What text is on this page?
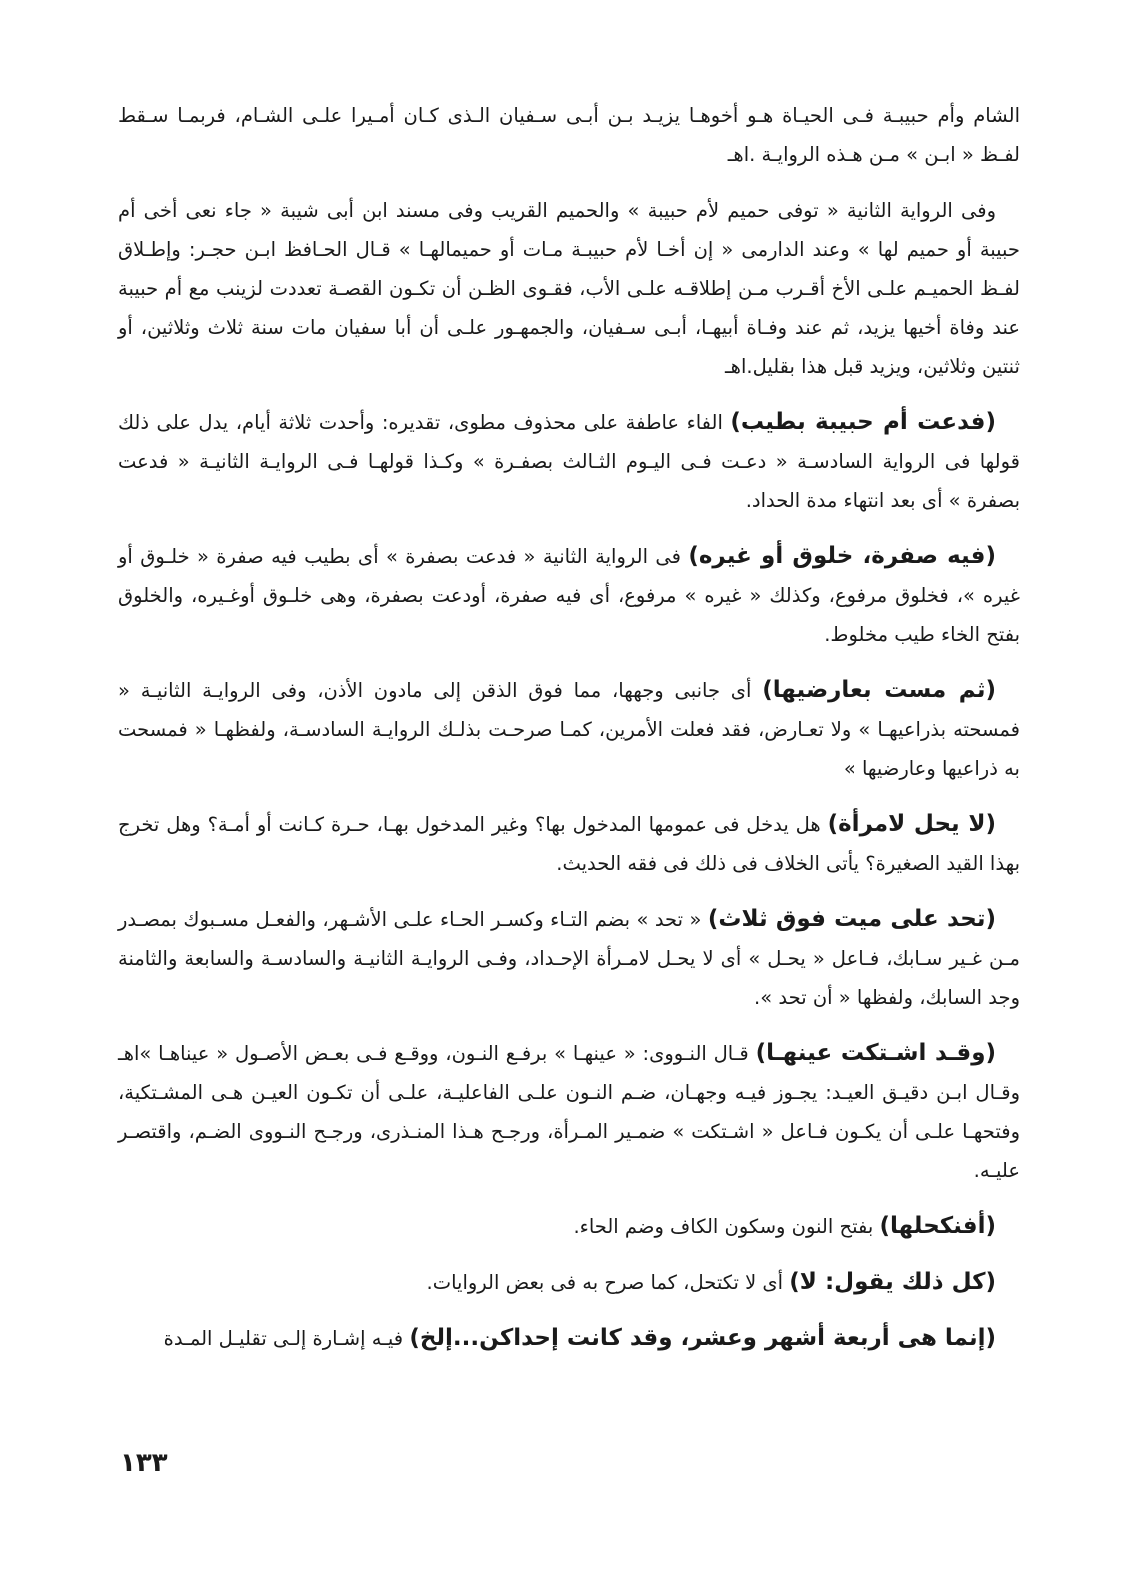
الشام وأم حبيبـة فـى الحيـاة هـو أخوهـا يزيـد بـن أبـى سـفيان الـذى كـان أمـيرا علـى الشـام، فربمـا سـقط لفـظ « ابـن » مـن هـذه الروايـة .اهـ

وفى الرواية الثانية « توفى حميم لأم حبيبة » والحميم القريب وفى مسند ابن أبى شيبة « جاء نعى أخى أم حبيبة أو حميم لها » وعند الدارمى « إن أخـا لأم حبيبـة مـات أو حميمالهـا » قـال الحـافظ ابـن حجـر: وإطـلاق لفـظ الحميـم علـى الأخ أقـرب مـن إطلاقـه علـى الأب، فقـوى الظـن أن تكـون القصـة تعددت لزينب مع أم حبيبة عند وفاة أخيها يزيد، ثم عند وفـاة أبيهـا، أبـى سـفيان، والجمهـور علـى أن أبا سفيان مات سنة ثلاث وثلاثين، أو ثنتين وثلاثين، ويزيد قبل هذا بقليل.اهـ

(فدعت أم حبيبة بطيب) الفاء عاطفة على محذوف مطوى، تقديره: وأحدت ثلاثة أيام، يدل على ذلك قولها فى الرواية السادسـة « دعـت فـى اليـوم الثـالث بصفـرة » وكـذا قولهـا فـى الروايـة الثانيـة « فدعت بصفرة » أى بعد انتهاء مدة الحداد.

(فيه صفرة، خلوق أو غيره) فى الرواية الثانية « فدعت بصفرة » أى بطيب فيه صفرة « خلـوق أو غيره »، فخلوق مرفوع، وكذلك « غيره » مرفوع، أى فيه صفرة، أودعت بصفرة، وهى خلـوق أوغـيره، والخلوق بفتح الخاء طيب مخلوط.

(ثم مست بعارضيها) أى جانبى وجهها، مما فوق الذقن إلى مادون الأذن، وفى الروايـة الثانيـة « فمسحته بذراعيهـا » ولا تعـارض، فقد فعلت الأمرين، كمـا صرحـت بذلـك الروايـة السادسـة، ولفظهـا « فمسحت به ذراعيها وعارضيها »

(لا يحل لامرأة) هل يدخل فى عمومها المدخول بها؟ وغير المدخول بهـا، حـرة كـانت أو أمـة؟ وهل تخرج بهذا القيد الصغيرة؟ يأتى الخلاف فى ذلك فى فقه الحديث.

(تحد على ميت فوق ثلاث) « تحد » بضم التـاء وكسـر الحـاء علـى الأشـهر، والفعـل مسـبوك بمصـدر مـن غـير سـابك، فـاعل « يحـل » أى لا يحـل لامـرأة الإحـداد، وفـى الروايـة الثانيـة والسادسـة والسابعة والثامنة وجد السابك، ولفظها « أن تحد ».

(وقـد اشـتكت عينهـا) قـال النـووى: « عينهـا » برفـع النـون، ووقـع فـى بعـض الأصـول « عيناهـا »اهـ وقـال ابـن دقيـق العيـد: يجـوز فيـه وجهـان، ضـم النـون علـى الفاعليـة، علـى أن تكـون العيـن هـى المشـتكية، وفتحهـا علـى أن يكـون فـاعل « اشـتكت » ضمـير المـرأة، ورجـح هـذا المنـذرى، ورجـح النـووى الضـم، واقتصـر عليـه.

(أفنكحلها) بفتح النون وسكون الكاف وضم الحاء.

(كل ذلك يقول: لا) أى لا تكتحل، كما صرح به فى بعض الروايات.

(إنما هى أربعة أشهر وعشر، وقد كانت إحداكن...إلخ) فيـه إشـارة إلـى تقليـل المـدة

١٣٣
